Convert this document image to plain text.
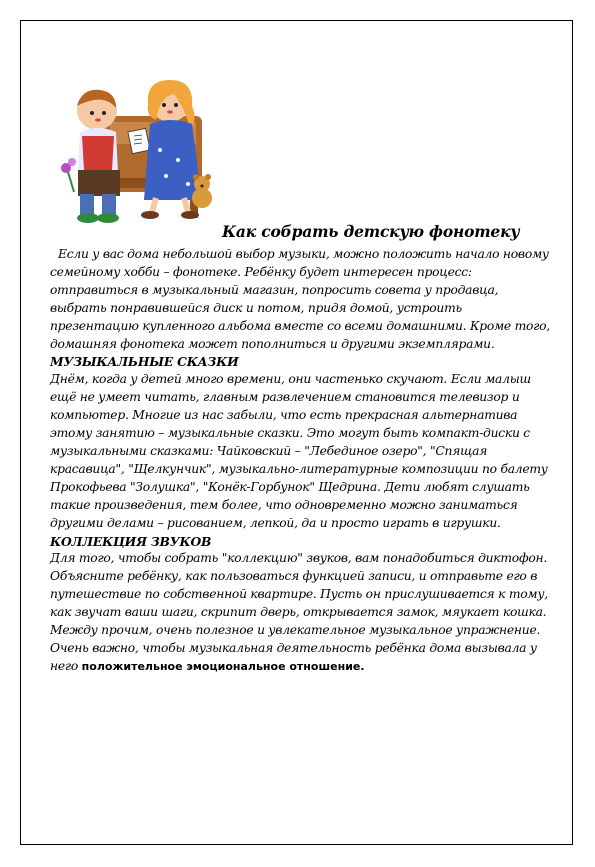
Как собрать детскую фонотеку

Если у вас дома небольшой выбор музыки, можно положить начало новому семейному хобби – фонотеке. Ребёнку будет интересен процесс: отправиться в музыкальный магазин, попросить совета у продавца, выбрать понравившейся диск и потом, придя домой, устроить презентацию купленного альбома вместе со всеми домашними. Кроме того, домашняя фонотека может пополниться и другими экземплярами.

МУЗЫКАЛЬНЫЕ СКАЗКИ

Днём, когда у детей много времени, они частенько скучают. Если малыш ещё не умеет читать, главным развлечением становится телевизор и компьютер. Многие из нас забыли, что есть прекрасная альтернатива этому занятию – музыкальные сказки. Это могут быть компакт-диски с музыкальными сказками: Чайковский – "Лебединое озеро", "Спящая красавица", "Щелкунчик", музыкально-литературные композиции по балету Прокофьева "Золушка", "Конёк-Горбунок" Щедрина. Дети любят слушать такие произведения, тем более, что одновременно можно заниматься другими делами – рисованием, лепкой, да и просто играть в игрушки.

КОЛЛЕКЦИЯ ЗВУКОВ

Для того, чтобы собрать "коллекцию" звуков, вам понадобиться диктофон. Объясните ребёнку, как пользоваться функцией записи, и отправьте его в путешествие по собственной квартире. Пусть он прислушивается к тому, как звучат ваши шаги, скрипит дверь, открывается замок, мяукает кошка. Между прочим, очень полезное и увлекательное музыкальное упражнение.

Очень важно, чтобы музыкальная деятельность ребёнка дома вызывала у него положительное эмоциональное отношение.
